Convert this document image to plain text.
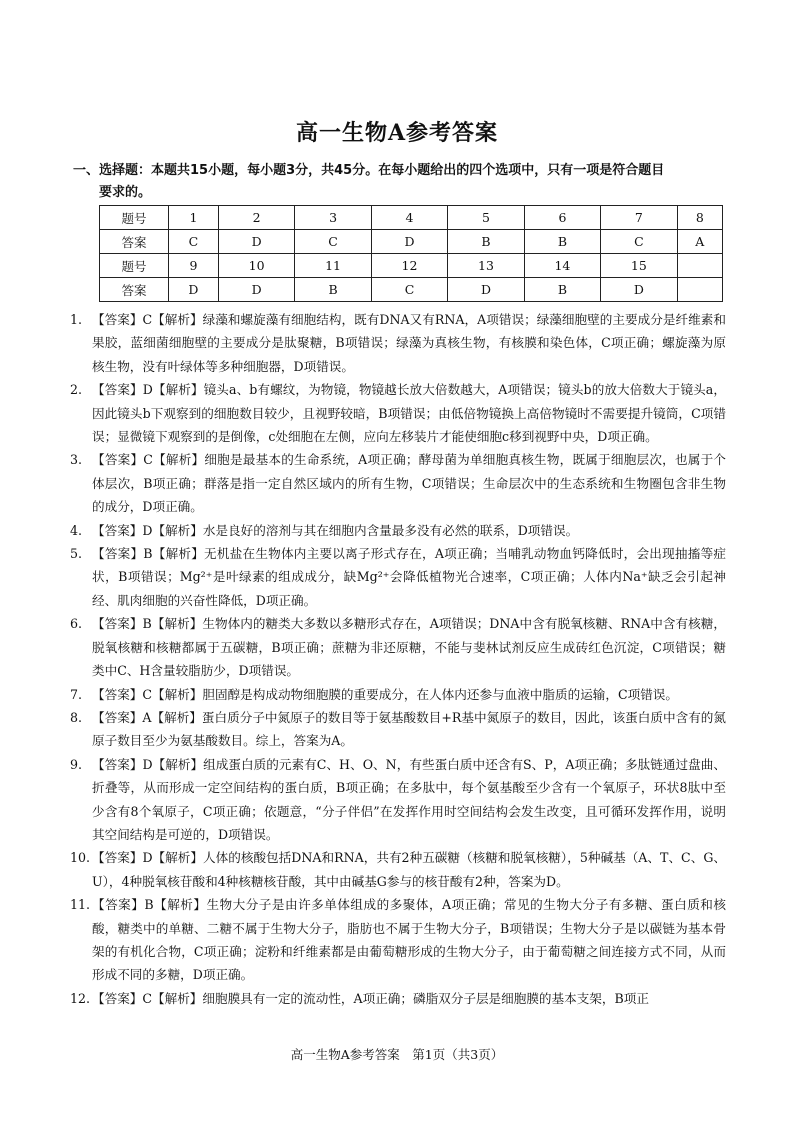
高一生物A参考答案
一、选择题：本题共15小题，每小题3分，共45分。在每小题给出的四个选项中，只有一项是符合题目
要求的。
题号	1	2	3	4	5	6	7	8
答案	C	D	C	D	B	B	C	A
题号	9	10	11	12	13	14	15	
答案	D	D	B	C	D	B	D	
1. 【答案】C【解析】绿藻和螺旋藻有细胞结构，既有DNA又有RNA，A项错误；绿藻细胞壁的主要成分是纤维素和果胶，蓝细菌细胞壁的主要成分是肽聚糖，B项错误；绿藻为真核生物，有核膜和染色体，C项正确；螺旋藻为原核生物，没有叶绿体等多种细胞器，D项错误。
2. 【答案】D【解析】镜头a、b有螺纹，为物镜，物镜越长放大倍数越大，A项错误；镜头b的放大倍数大于镜头a，因此镜头b下观察到的细胞数目较少，且视野较暗，B项错误；由低倍物镜换上高倍物镜时不需要提升镜筒，C项错误；显微镜下观察到的是倒像，c处细胞在左侧，应向左移装片才能使细胞c移到视野中央，D项正确。
3. 【答案】C【解析】细胞是最基本的生命系统，A项正确；酵母菌为单细胞真核生物，既属于细胞层次，也属于个体层次，B项正确；群落是指一定自然区域内的所有生物，C项错误；生命层次中的生态系统和生物圈包含非生物的成分，D项正确。
4. 【答案】D【解析】水是良好的溶剂与其在细胞内含量最多没有必然的联系，D项错误。
5. 【答案】B【解析】无机盐在生物体内主要以离子形式存在，A项正确；当哺乳动物血钙降低时，会出现抽搐等症状，B项错误；Mg²⁺是叶绿素的组成成分，缺Mg²⁺会降低植物光合速率，C项正确；人体内Na⁺缺乏会引起神经、肌肉细胞的兴奋性降低，D项正确。
6. 【答案】B【解析】生物体内的糖类大多数以多糖形式存在，A项错误；DNA中含有脱氧核糖、RNA中含有核糖，脱氧核糖和核糖都属于五碳糖，B项正确；蔗糖为非还原糖，不能与斐林试剂反应生成砖红色沉淀，C项错误；糖类中C、H含量较脂肪少，D项错误。
7. 【答案】C【解析】胆固醇是构成动物细胞膜的重要成分，在人体内还参与血液中脂质的运输，C项错误。
8. 【答案】A【解析】蛋白质分子中氮原子的数目等于氨基酸数目+R基中氮原子的数目，因此，该蛋白质中含有的氮原子数目至少为氨基酸数目。综上，答案为A。
9. 【答案】D【解析】组成蛋白质的元素有C、H、O、N，有些蛋白质中还含有S、P，A项正确；多肽链通过盘曲、折叠等，从而形成一定空间结构的蛋白质，B项正确；在多肽中，每个氨基酸至少含有一个氧原子，环状8肽中至少含有8个氧原子，C项正确；依题意，“分子伴侣”在发挥作用时空间结构会发生改变，且可循环发挥作用，说明其空间结构是可逆的，D项错误。
10. 【答案】D【解析】人体的核酸包括DNA和RNA，共有2种五碳糖（核糖和脱氧核糖），5种碱基（A、T、C、G、U），4种脱氧核苷酸和4种核糖核苷酸，其中由碱基G参与的核苷酸有2种，答案为D。
11. 【答案】B【解析】生物大分子是由许多单体组成的多聚体，A项正确；常见的生物大分子有多糖、蛋白质和核酸，糖类中的单糖、二糖不属于生物大分子，脂肪也不属于生物大分子，B项错误；生物大分子是以碳链为基本骨架的有机化合物，C项正确；淀粉和纤维素都是由葡萄糖形成的生物大分子，由于葡萄糖之间连接方式不同，从而形成不同的多糖，D项正确。
12. 【答案】C【解析】细胞膜具有一定的流动性，A项正确；磷脂双分子层是细胞膜的基本支架，B项正
高一生物A参考答案　第1页（共3页）
